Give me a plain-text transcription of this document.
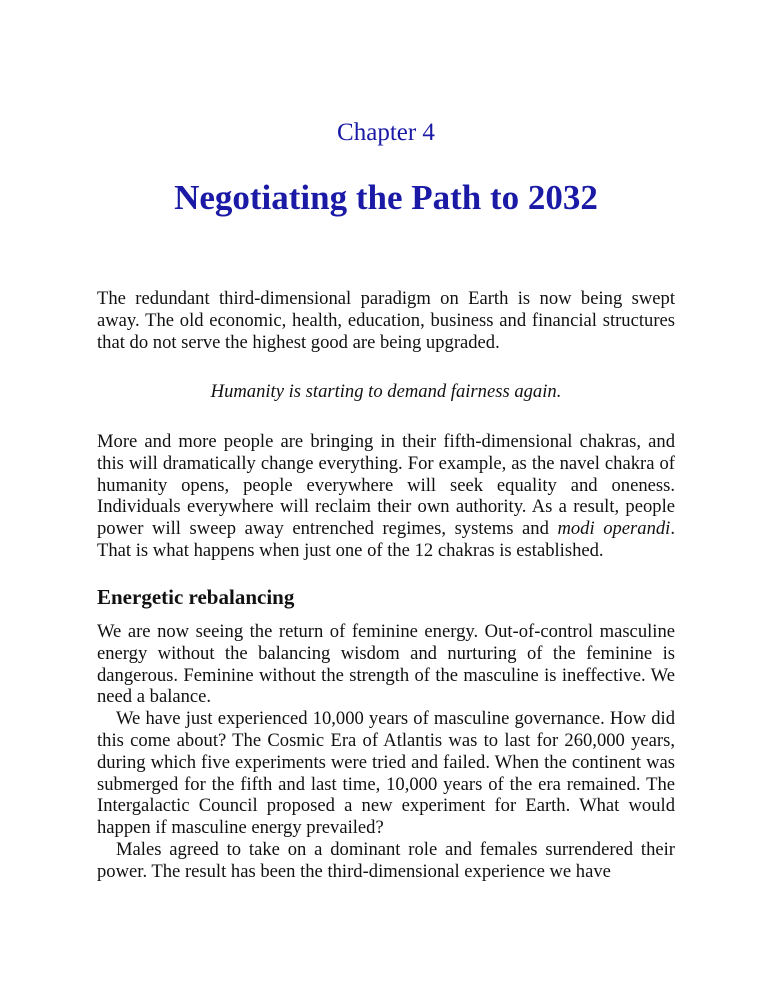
Chapter 4
Negotiating the Path to 2032

The redundant third-dimensional paradigm on Earth is now being swept away. The old economic, health, education, business and financial structures that do not serve the highest good are being upgraded.

Humanity is starting to demand fairness again.

More and more people are bringing in their fifth-dimensional chakras, and this will dramatically change everything. For example, as the navel chakra of humanity opens, people everywhere will seek equality and oneness. Individuals everywhere will reclaim their own authority. As a result, people power will sweep away entrenched regimes, systems and modi operandi. That is what happens when just one of the 12 chakras is established.

Energetic rebalancing

We are now seeing the return of feminine energy. Out-of-control masculine energy without the balancing wisdom and nurturing of the feminine is dangerous. Feminine without the strength of the masculine is ineffective. We need a balance.

We have just experienced 10,000 years of masculine governance. How did this come about? The Cosmic Era of Atlantis was to last for 260,000 years, during which five experiments were tried and failed. When the continent was submerged for the fifth and last time, 10,000 years of the era remained. The Intergalactic Council proposed a new experiment for Earth. What would happen if masculine energy prevailed?

Males agreed to take on a dominant role and females surrendered their power. The result has been the third-dimensional experience we have
